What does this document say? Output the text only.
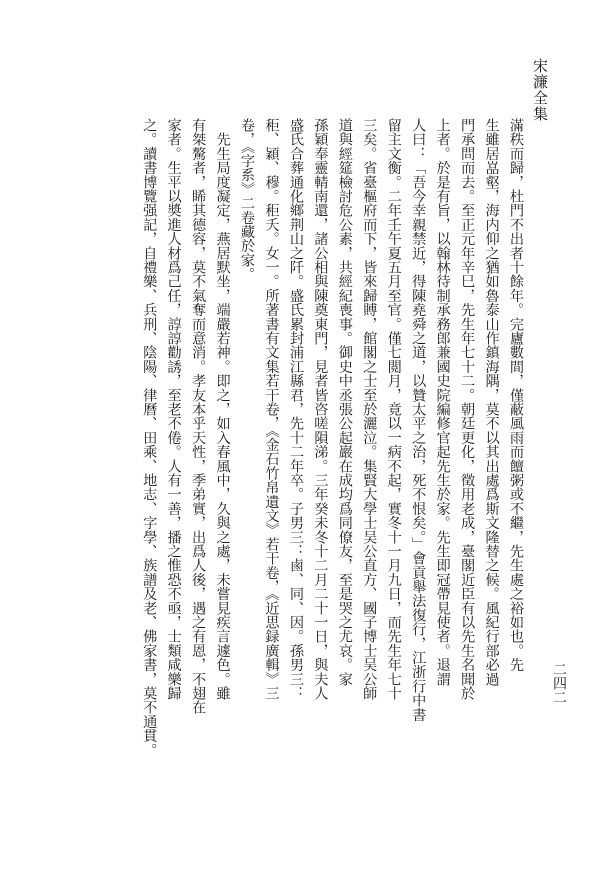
宋濂全集
二四二
滿秩而歸，杜門不出者十餘年。完廬數間，僅蔽風雨而饘粥或不繼，先生處之裕如也。先
生雖居嵓壑，海内仰之猶如魯泰山作鎮海隅，莫不以其出處爲斯文隆替之候。風紀行部必過
門承問而去。至正元年辛巳，先生年七十二。朝廷更化，徵用老成，臺閣近臣有以先生名聞於
上者。於是有旨，以翰林待制承務郎兼國史院編修官起先生於家。先生即冠帶見使者。退謂
人曰：「吾今幸親禁近，得陳堯舜之道，以贊太平之治，死不恨矣。」會貢舉法復行，江浙行中書
留主文衡。二年壬午夏五月至官。僅七閲月，竟以一病不起，實冬十一月九日，而先生年七十
三矣。省臺樞府而下，皆來歸賻，館閣之士至於灑泣。集賢大學士吴公直方、國子博士吴公師
道與經筵檢討危公素，共經紀喪事。御史中丞張公起巖在成均爲同僚友，至是哭之尤哀。家
孫穎奉靈輤南還，諸公相與陳奠東門，見者皆咨嗟隕涕。三年癸未冬十二月二十一日，與夫人
盛氏合葬通化鄉荆山之阡。盛氏累封浦江縣君，先十二年卒。子男三：鹵、同、因。孫男三：
秬、穎、穆。秬夭。女一。所著書有文集若干卷，《金石竹帛遺文》若干卷，《近思録廣輯》三
卷，《字系》二卷藏於家。
　先生局度凝定，燕居默坐，端嚴若神。即之，如入春風中，久與之處，未嘗見疾言遽色。雖
有桀驁者，睎其德容，莫不氣奪而意消。孝友本乎天性，季弟實，出爲人後，遇之有恩，不翅在
家者。生平以奬進人材爲己任，諄諄勸誘，至老不倦。人有一善，播之惟恐不亟，士類咸樂歸
之。讀書博覽强記，自禮樂、兵刑、陰陽、律曆、田乘、地志、字學、族譜及老、佛家書，莫不通貫。
